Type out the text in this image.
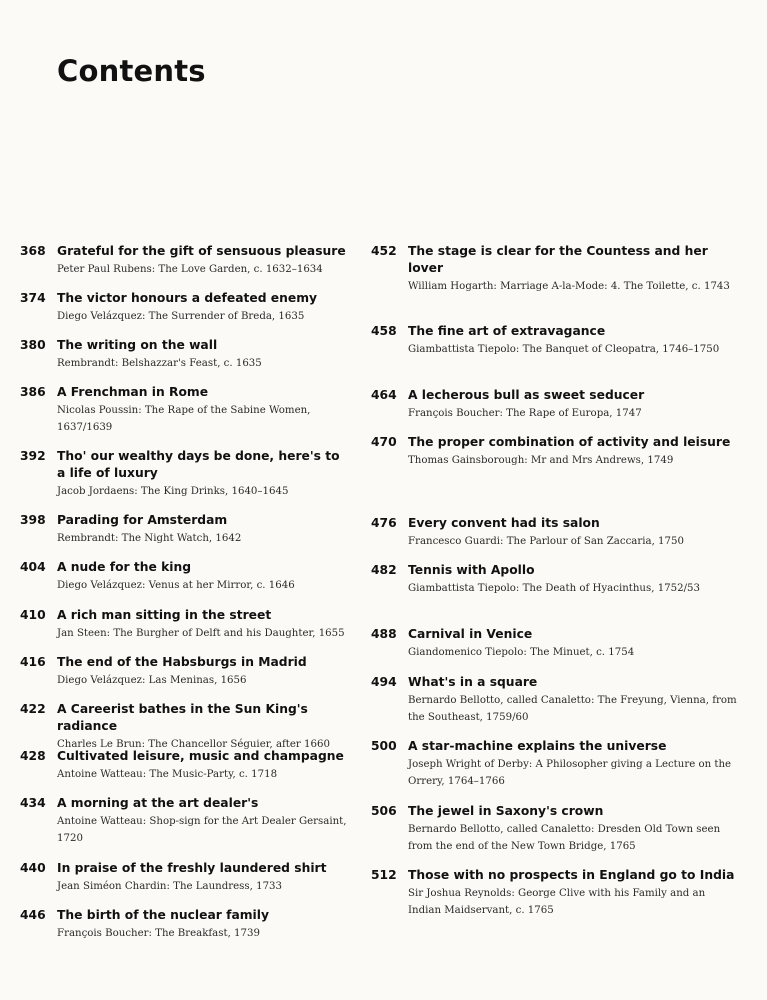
Contents
368 Grateful for the gift of sensuous pleasure
Peter Paul Rubens: The Love Garden, c. 1632–1634
374 The victor honours a defeated enemy
Diego Velázquez: The Surrender of Breda, 1635
380 The writing on the wall
Rembrandt: Belshazzar's Feast, c. 1635
386 A Frenchman in Rome
Nicolas Poussin: The Rape of the Sabine Women, 1637/1639
392 Tho' our wealthy days be done, here's to a life of luxury
Jacob Jordaens: The King Drinks, 1640–1645
398 Parading for Amsterdam
Rembrandt: The Night Watch, 1642
404 A nude for the king
Diego Velázquez: Venus at her Mirror, c. 1646
410 A rich man sitting in the street
Jan Steen: The Burgher of Delft and his Daughter, 1655
416 The end of the Habsburgs in Madrid
Diego Velázquez: Las Meninas, 1656
422 A Careerist bathes in the Sun King's radiance
Charles Le Brun: The Chancellor Séguier, after 1660
428 Cultivated leisure, music and champagne
Antoine Watteau: The Music-Party, c. 1718
434 A morning at the art dealer's
Antoine Watteau: Shop-sign for the Art Dealer Gersaint, 1720
440 In praise of the freshly laundered shirt
Jean Siméon Chardin: The Laundress, 1733
446 The birth of the nuclear family
François Boucher: The Breakfast, 1739
452 The stage is clear for the Countess and her lover
William Hogarth: Marriage A-la-Mode: 4. The Toilette, c. 1743
458 The fine art of extravagance
Giambattista Tiepolo: The Banquet of Cleopatra, 1746–1750
464 A lecherous bull as sweet seducer
François Boucher: The Rape of Europa, 1747
470 The proper combination of activity and leisure
Thomas Gainsborough: Mr and Mrs Andrews, 1749
476 Every convent had its salon
Francesco Guardi: The Parlour of San Zaccaria, 1750
482 Tennis with Apollo
Giambattista Tiepolo: The Death of Hyacinthus, 1752/53
488 Carnival in Venice
Giandomenico Tiepolo: The Minuet, c. 1754
494 What's in a square
Bernardo Bellotto, called Canaletto: The Freyung, Vienna, from the Southeast, 1759/60
500 A star-machine explains the universe
Joseph Wright of Derby: A Philosopher giving a Lecture on the Orrery, 1764–1766
506 The jewel in Saxony's crown
Bernardo Bellotto, called Canaletto: Dresden Old Town seen from the end of the New Town Bridge, 1765
512 Those with no prospects in England go to India
Sir Joshua Reynolds: George Clive with his Family and an Indian Maidservant, c. 1765
